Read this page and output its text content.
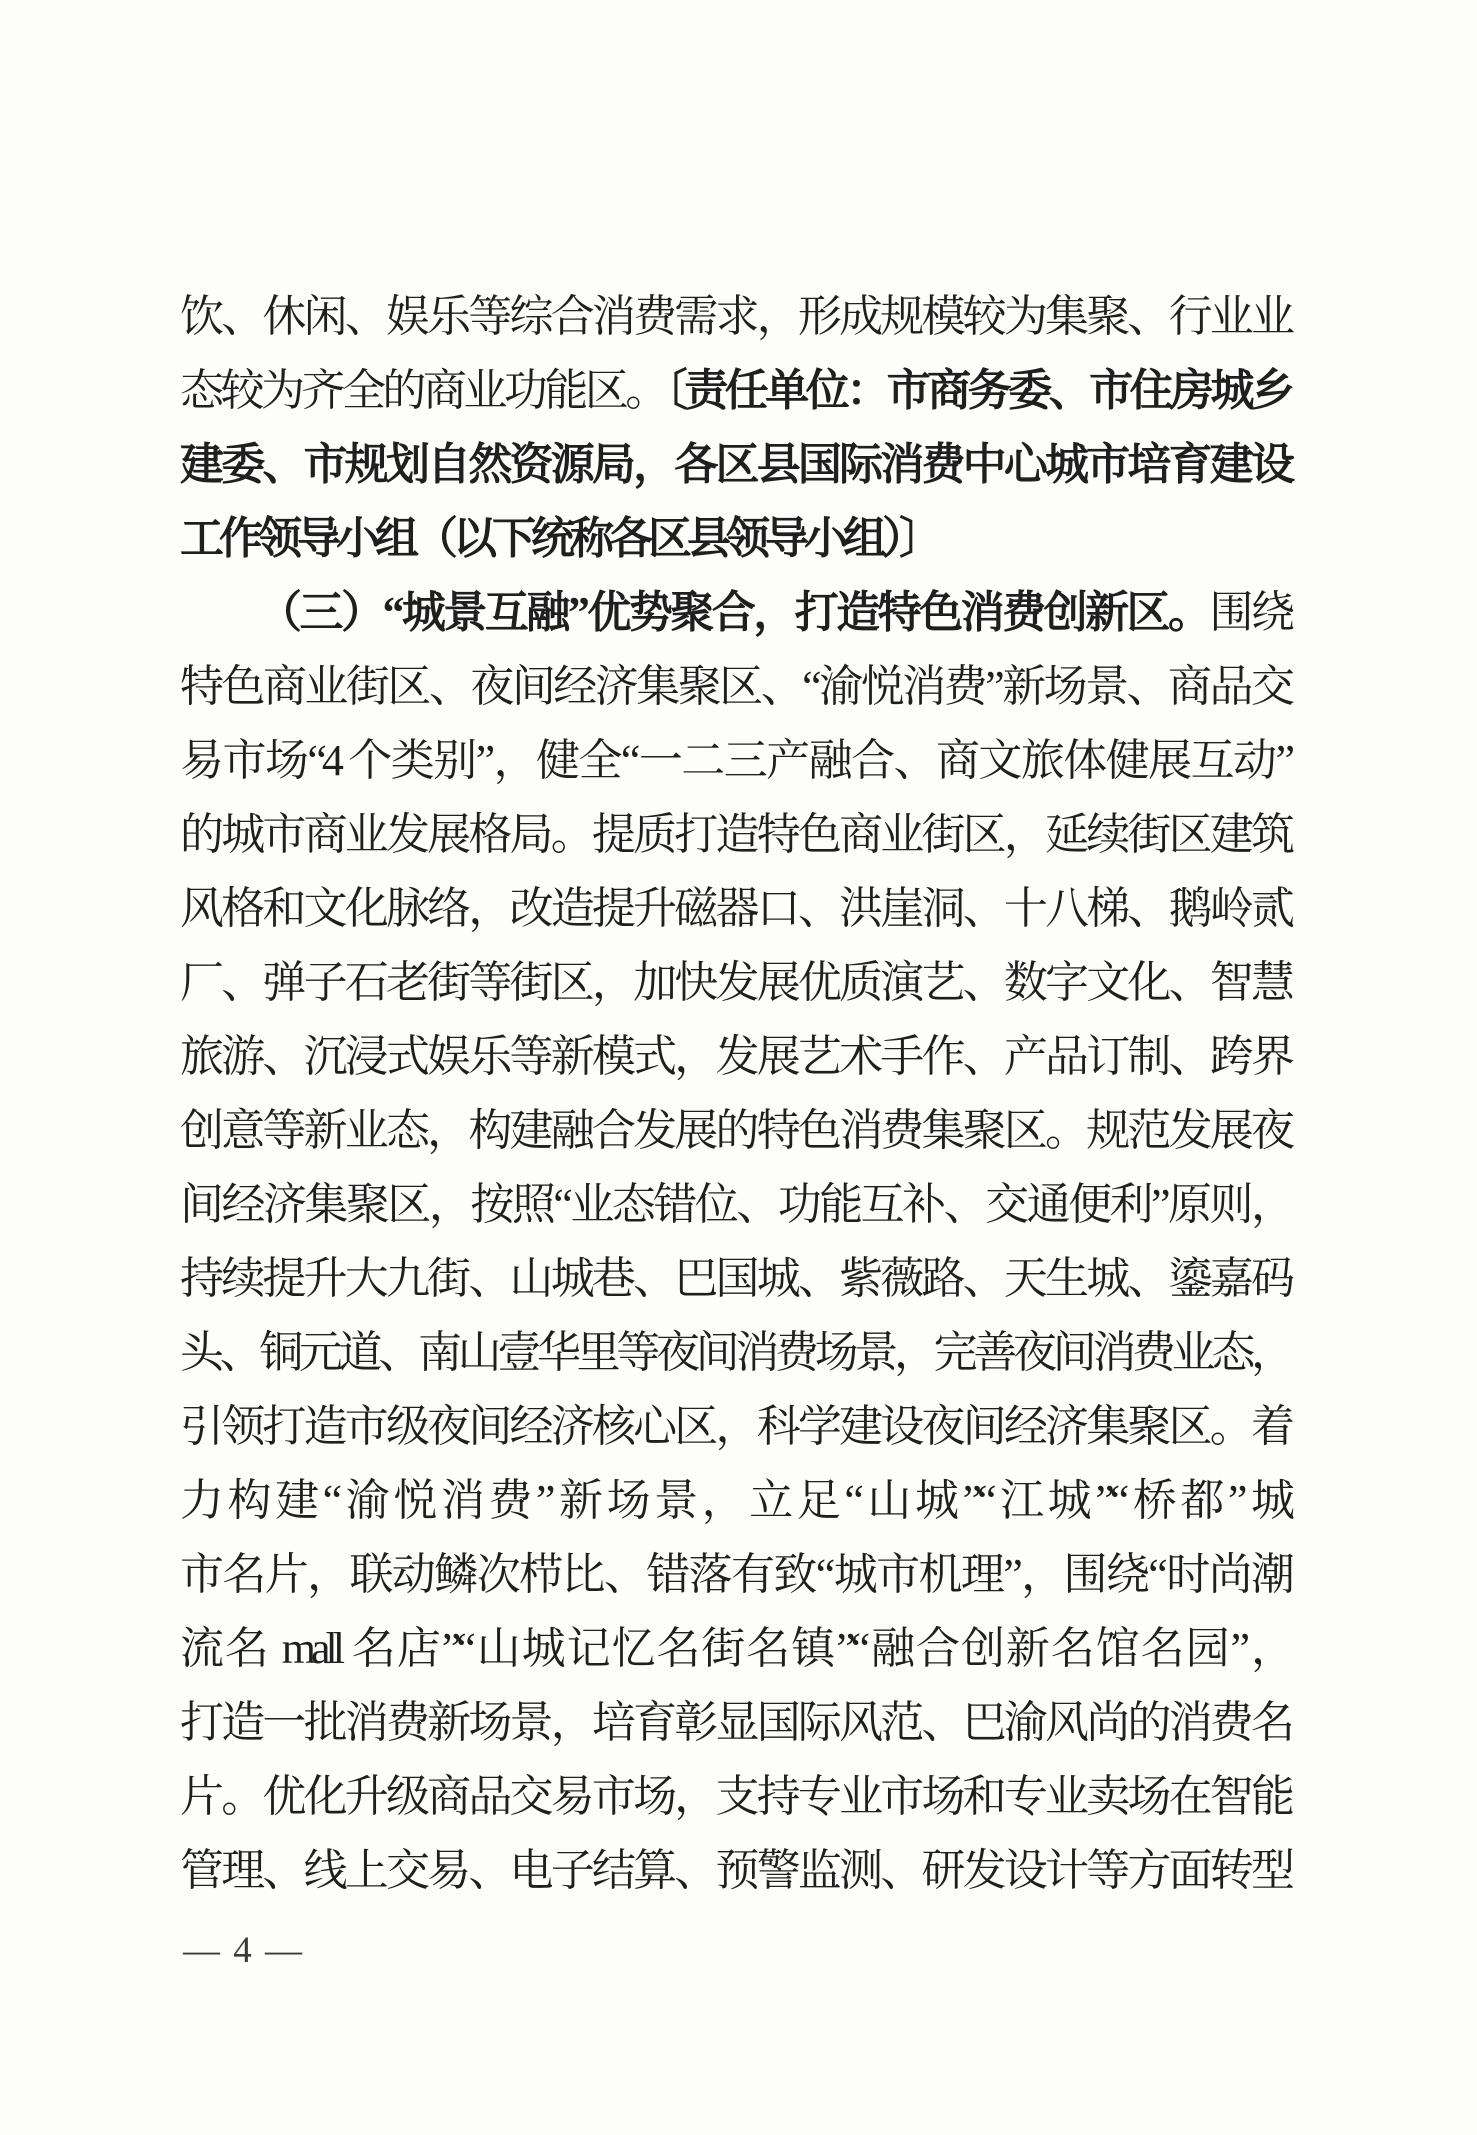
饮、休闲、娱乐等综合消费需求，形成规模较为集聚、行业业
态较为齐全的商业功能区。〔责任单位：市商务委、市住房城乡
建委、市规划自然资源局，各区县国际消费中心城市培育建设
工作领导小组（以下统称各区县领导小组）〕
（三）“城景互融”优势聚合，打造特色消费创新区。围绕
特色商业街区、夜间经济集聚区、“渝悦消费”新场景、商品交
易市场“4 个类别”，健全“一二三产融合、商文旅体健展互动”
的城市商业发展格局。提质打造特色商业街区，延续街区建筑
风格和文化脉络，改造提升磁器口、洪崖洞、十八梯、鹅岭贰
厂、弹子石老街等街区，加快发展优质演艺、数字文化、智慧
旅游、沉浸式娱乐等新模式，发展艺术手作、产品订制、跨界
创意等新业态，构建融合发展的特色消费集聚区。规范发展夜
间经济集聚区，按照“业态错位、功能互补、交通便利”原则，
持续提升大九街、山城巷、巴国城、紫薇路、天生城、鎏嘉码
头、铜元道、南山壹华里等夜间消费场景，完善夜间消费业态，
引领打造市级夜间经济核心区，科学建设夜间经济集聚区。着
力构建“渝悦消费”新场景，立足“山城”“江城”“桥都”城
市名片，联动鳞次栉比、错落有致“城市机理”，围绕“时尚潮
流名 mall 名店”“山城记忆名街名镇”“融合创新名馆名园”，
打造一批消费新场景，培育彰显国际风范、巴渝风尚的消费名
片。优化升级商品交易市场，支持专业市场和专业卖场在智能
管理、线上交易、电子结算、预警监测、研发设计等方面转型
— 4 —
